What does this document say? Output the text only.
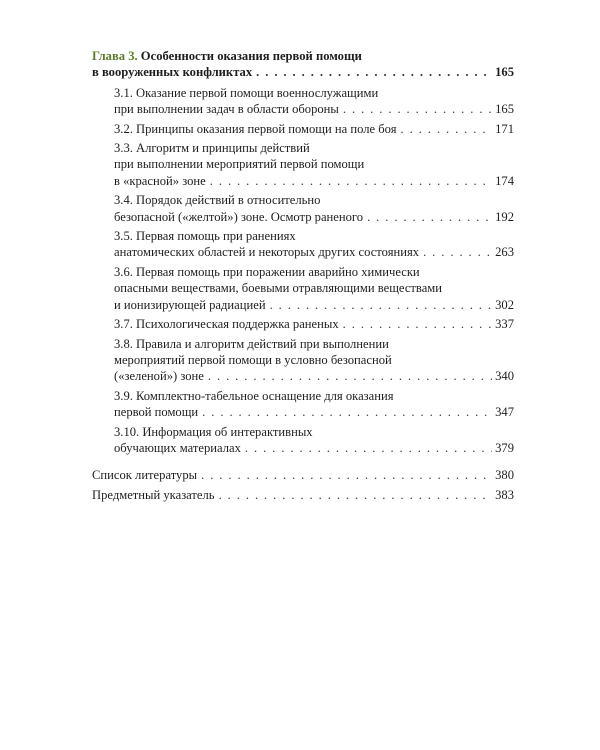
Глава 3. Особенности оказания первой помощи
в вооруженных конфликтах . . .	165
3.1. Оказание первой помощи военнослужащими
при выполнении задач в области обороны . . .	165
3.2. Принципы оказания первой помощи на поле боя . . .	171
3.3. Алгоритм и принципы действий
при выполнении мероприятий первой помощи
в «красной» зоне . . .	174
3.4. Порядок действий в относительно
безопасной («желтой») зоне. Осмотр раненого . . .	192
3.5. Первая помощь при ранениях
анатомических областей и некоторых других состояниях . . .	263
3.6. Первая помощь при поражении аварийно химически
опасными веществами, боевыми отравляющими веществами
и ионизирующей радиацией . . .	302
3.7. Психологическая поддержка раненых . . .	337
3.8. Правила и алгоритм действий при выполнении
мероприятий первой помощи в условно безопасной
(«зеленой») зоне . . .	340
3.9. Комплектно-табельное оснащение для оказания
первой помощи . . .	347
3.10. Информация об интерактивных
обучающих материалах . . .	379
Список литературы . . .	380
Предметный указатель . . .	383
